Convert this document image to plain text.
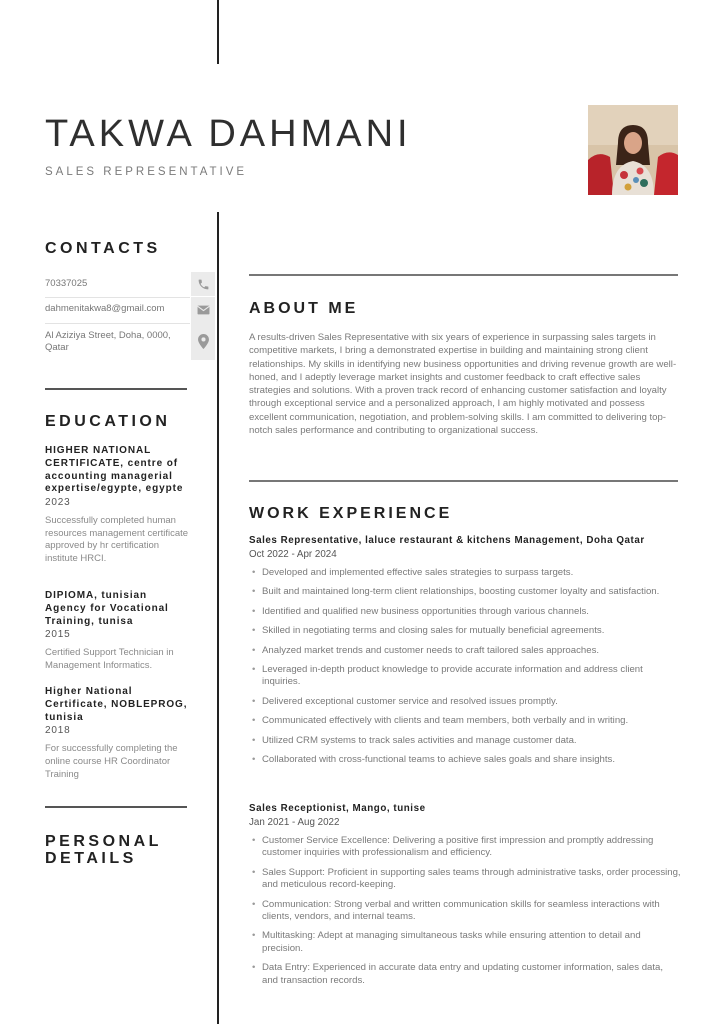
TAKWA DAHMANI
SALES REPRESENTATIVE
CONTACTS
70337025
dahmenitakwa8@gmail.com
Al Aziziya Street, Doha, 0000, Qatar
EDUCATION
HIGHER NATIONAL CERTIFICATE, centre of accounting managerial expertise/egypte, egypte
2023
Successfully completed human resources management certificate approved by hr certification institute HRCI.
DIPIOMA, tunisian Agency for Vocational Training, tunisa
2015
Certified Support Technician in Management Informatics.
Higher National Certificate, NOBLEPROG, tunisia
2018
For successfully completing the online course HR Coordinator Training
PERSONAL DETAILS
ABOUT ME

A results-driven Sales Representative with six years of experience in surpassing sales targets in competitive markets, I bring a demonstrated expertise in building and maintaining strong client relationships. My skills in identifying new business opportunities and driving revenue growth are well-honed, and I adeptly leverage market insights and customer feedback to craft effective sales strategies and solutions. With a proven track record of enhancing customer satisfaction and loyalty through exceptional service and a personalized approach, I am highly motivated and possess excellent communication, negotiation, and problem-solving skills. I am committed to delivering top-notch sales performance and contributing to organizational success.

WORK EXPERIENCE
Sales Representative, laluce restaurant & kitchens Management, Doha Qatar
Oct 2022 - Apr 2024
• Developed and implemented effective sales strategies to surpass targets.
• Built and maintained long-term client relationships, boosting customer loyalty and satisfaction.
• Identified and qualified new business opportunities through various channels.
• Skilled in negotiating terms and closing sales for mutually beneficial agreements.
• Analyzed market trends and customer needs to craft tailored sales approaches.
• Leveraged in-depth product knowledge to provide accurate information and address client inquiries.
• Delivered exceptional customer service and resolved issues promptly.
• Communicated effectively with clients and team members, both verbally and in writing.
• Utilized CRM systems to track sales activities and manage customer data.
• Collaborated with cross-functional teams to achieve sales goals and share insights.
Sales Receptionist, Mango, tunise
Jan 2021 - Aug 2022
• Customer Service Excellence: Delivering a positive first impression and promptly addressing customer inquiries with professionalism and efficiency.
• Sales Support: Proficient in supporting sales teams through administrative tasks, order processing, and meticulous record-keeping.
• Communication: Strong verbal and written communication skills for seamless interactions with clients, vendors, and internal teams.
• Multitasking: Adept at managing simultaneous tasks while ensuring attention to detail and precision.
• Data Entry: Experienced in accurate data entry and updating customer information, sales data, and transaction records.
